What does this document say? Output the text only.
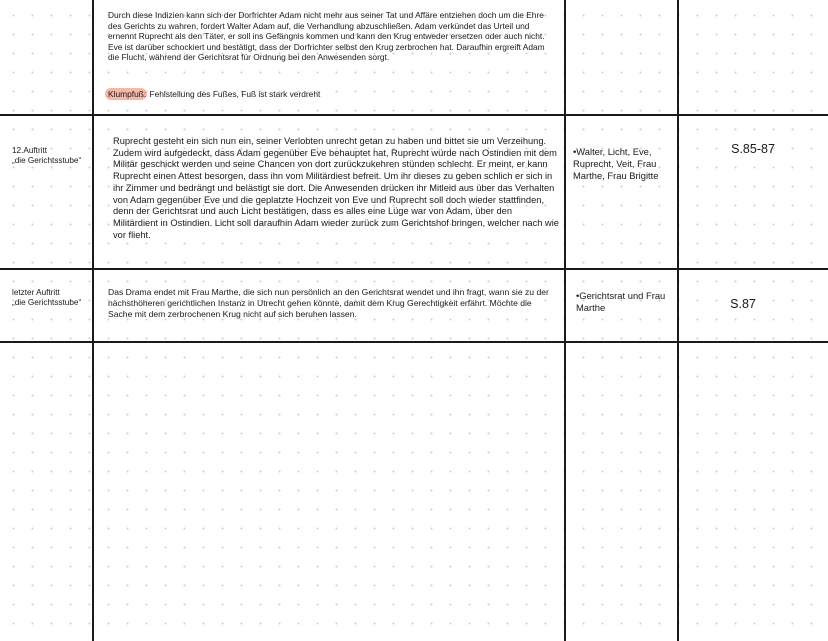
Durch diese Indizien kann sich der Dorfrichter Adam nicht mehr aus seiner Tat und Affäre entziehen doch um die Ehre des Gerichts zu wahren, fordert Walter Adam auf, die Verhandlung abzuschließen. Adam verkündet das Urteil und ernennt Ruprecht als den Täter, er soll ins Gefängnis kommen und kann den Krug entweder ersetzen oder auch nicht. Eve ist darüber schockiert und bestätigt, dass der Dorfrichter selbst den Krug zerbrochen hat. Daraufhin ergreift Adam die Flucht, während der Gerichtsrat für Ordnung bei den Anwesenden sorgt.
Klumpfuß: Fehlstellung des Fußes, Fuß ist stark verdreht
12.Auftritt
„die Gerichtsstube“
Ruprecht gesteht ein sich nun ein, seiner Verlobten unrecht getan zu haben und bittet sie um Verzeihung. Zudem wird aufgedeckt, dass Adam gegenüber Eve behauptet hat, Ruprecht würde nach Ostindien mit dem Militär geschickt werden und seine Chancen von dort zurückzukehren stünden schlecht. Er meint, er kann Ruprecht einen Attest besorgen, dass ihn vom Militärdiest befreit. Um ihr dieses zu geben schlich er sich in ihr Zimmer und bedrängt und belästigt sie dort. Die Anwesenden drücken ihr Mitleid aus über das Verhalten von Adam gegenüber Eve und die geplatzte Hochzeit von Eve und Ruprecht soll doch wieder stattfinden, denn der Gerichtsrat und auch Licht bestätigen, dass es alles eine Lüge war von Adam, über den Militärdient in Ostindien. Licht soll daraufhin Adam wieder zurück zum Gerichtshof bringen, welcher nach wie vor flieht.
•Walter, Licht, Eve, Ruprecht, Veit, Frau Marthe, Frau Brigitte
S.85-87
letzter Auftritt
„die Gerichtsstube“
Das Drama endet mit Frau Marthe, die sich nun persönlich an den Gerichtsrat wendet und ihn fragt, wann sie zu der nächsthöheren gerichtlichen Instanz in Utrecht gehen könnte, damit dem Krug Gerechtigkeit erfährt. Möchte die Sache mit dem zerbrochenen Krug nicht auf sich beruhen lassen.
•Gerichtsrat und Frau Marthe	S.87
